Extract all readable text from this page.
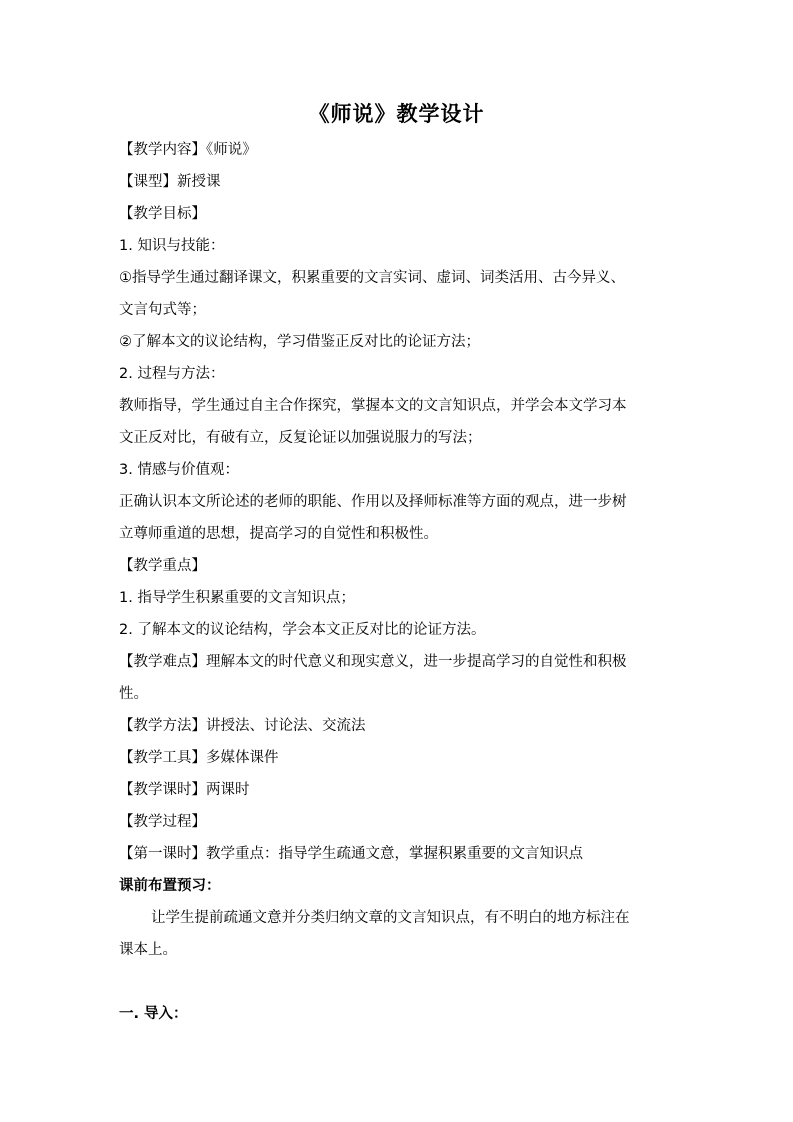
《师说》教学设计
【教学内容】《师说》
【课型】新授课
【教学目标】
1. 知识与技能：
①指导学生通过翻译课文，积累重要的文言实词、虚词、词类活用、古今异义、
文言句式等；
②了解本文的议论结构，学习借鉴正反对比的论证方法；
2. 过程与方法：
教师指导，学生通过自主合作探究，掌握本文的文言知识点，并学会本文学习本
文正反对比，有破有立，反复论证以加强说服力的写法；
3. 情感与价值观：
正确认识本文所论述的老师的职能、作用以及择师标准等方面的观点，进一步树
立尊师重道的思想，提高学习的自觉性和积极性。
【教学重点】
1. 指导学生积累重要的文言知识点；
2. 了解本文的议论结构，学会本文正反对比的论证方法。
【教学难点】理解本文的时代意义和现实意义，进一步提高学习的自觉性和积极
性。
【教学方法】讲授法、讨论法、交流法
【教学工具】多媒体课件
【教学课时】两课时
【教学过程】
【第一课时】教学重点：指导学生疏通文意，掌握积累重要的文言知识点
课前布置预习：
让学生提前疏通文意并分类归纳文章的文言知识点，有不明白的地方标注在
课本上。
一. 导入：
